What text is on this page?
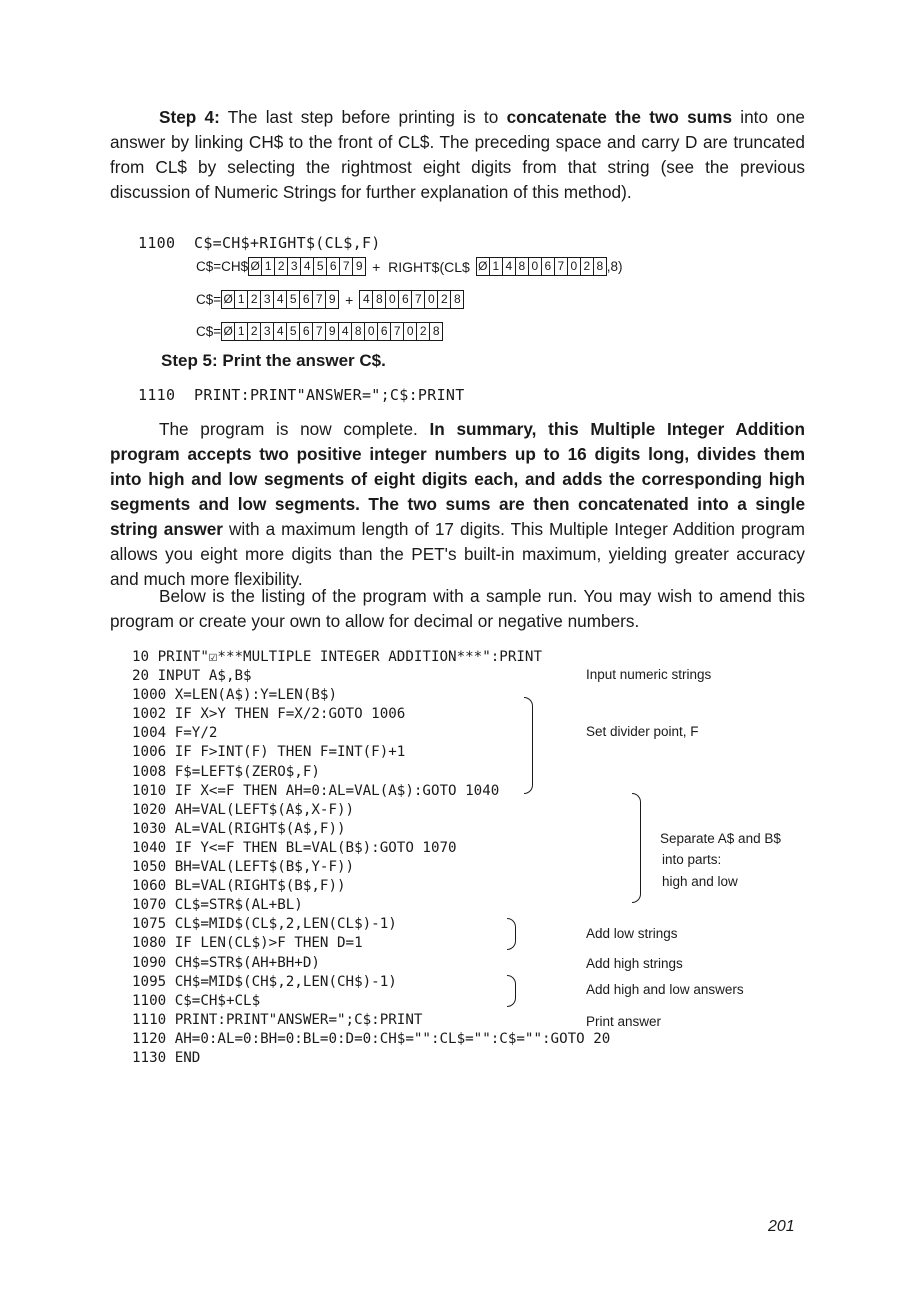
Step 4: The last step before printing is to concatenate the two sums into one answer by linking CH$ to the front of CL$. The preceding space and carry D are truncated from CL$ by selecting the rightmost eight digits from that string (see the previous discussion of Numeric Strings for further explanation of this method).
1100  C$=CH$+RIGHT$(CL$,F)
C$=CH$ Ø 1 2 3 4 5 6 7 9 +  RIGHT$(CL$ Ø 1 4 8 0 6 7 0 2 8 ,8)
C$= Ø 1 2 3 4 5 6 7 9 + 4 8 0 6 7 0 2 8
C$= Ø 1 2 3 4 5 6 7 9 4 8 0 6 7 0 2 8
Step 5: Print the answer C$.
1110  PRINT:PRINT"ANSWER=";C$:PRINT
The program is now complete. In summary, this Multiple Integer Addition program accepts two positive integer numbers up to 16 digits long, divides them into high and low segments of eight digits each, and adds the corresponding high segments and low segments. The two sums are then concatenated into a single string answer with a maximum length of 17 digits. This Multiple Integer Addition program allows you eight more digits than the PET's built-in maximum, yielding greater accuracy and much more flexibility.
Below is the listing of the program with a sample run. You may wish to amend this program or create your own to allow for decimal or negative numbers.
10 PRINT"☑***MULTIPLE INTEGER ADDITION***":PRINT
20 INPUT A$,B$
1000 X=LEN(A$):Y=LEN(B$)
1002 IF X>Y THEN F=X/2:GOTO 1006
1004 F=Y/2
1006 IF F>INT(F) THEN F=INT(F)+1
1008 F$=LEFT$(ZERO$,F)
1010 IF X<=F THEN AH=0:AL=VAL(A$):GOTO 1040
1020 AH=VAL(LEFT$(A$,X-F))
1030 AL=VAL(RIGHT$(A$,F))
1040 IF Y<=F THEN BL=VAL(B$):GOTO 1070
1050 BH=VAL(LEFT$(B$,Y-F))
1060 BL=VAL(RIGHT$(B$,F))
1070 CL$=STR$(AL+BL)
1075 CL$=MID$(CL$,2,LEN(CL$)-1)
1080 IF LEN(CL$)>F THEN D=1
1090 CH$=STR$(AH+BH+D)
1095 CH$=MID$(CH$,2,LEN(CH$)-1)
1100 C$=CH$+CL$
1110 PRINT:PRINT"ANSWER=";C$:PRINT
1120 AH=0:AL=0:BH=0:BL=0:D=0:CH$="":CL$="":C$="":GOTO 20
1130 END
Input numeric strings
Set divider point, F
Separate A$ and B$
into parts:
high and low
Add low strings
Add high strings
Add high and low answers
Print answer
201
